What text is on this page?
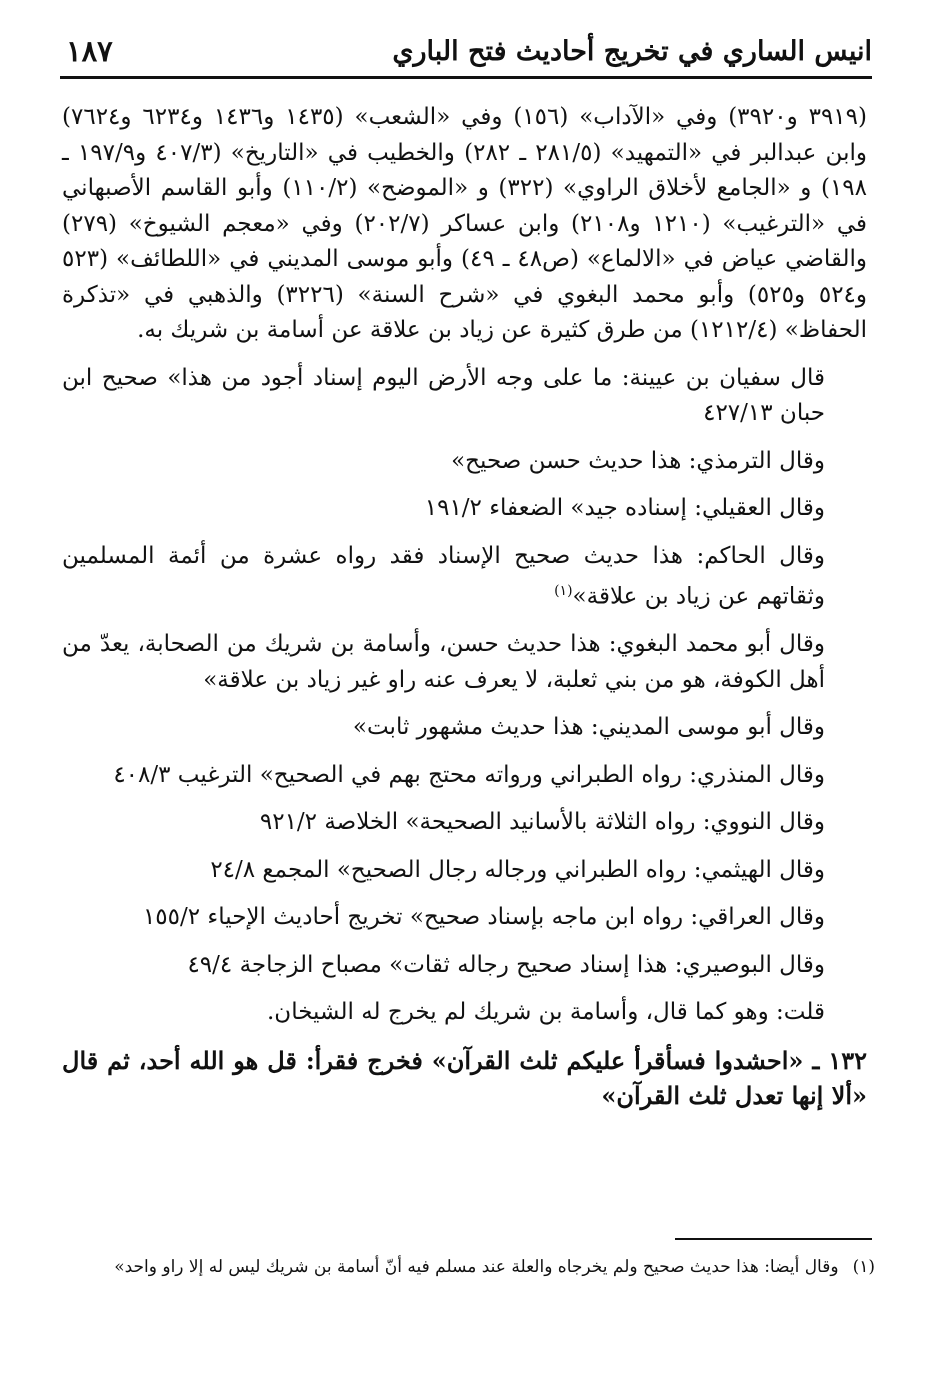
انيس الساري في تخريج أحاديث فتح الباري
١٨٧

(٣٩١٩ و٣٩٢٠) وفي «الآداب» (١٥٦) وفي «الشعب» (١٤٣٥ و١٤٣٦ و٦٢٣٤ و٧٦٢٤) وابن عبدالبر في «التمهيد» (٢٨١/٥ ـ ٢٨٢) والخطيب في «التاريخ» (٤٠٧/٣ و١٩٧/٩ ـ ١٩٨) و «الجامع لأخلاق الراوي» (٣٢٢) و «الموضح» (١١٠/٢) وأبو القاسم الأصبهاني في «الترغيب» (١٢١٠ و٢١٠٨) وابن عساكر (٢٠٢/٧) وفي «معجم الشيوخ» (٢٧٩) والقاضي عياض في «الالماع» (ص٤٨ ـ ٤٩) وأبو موسى المديني في «اللطائف» (٥٢٣ و٥٢٤ و٥٢٥) وأبو محمد البغوي في «شرح السنة» (٣٢٢٦) والذهبي في «تذكرة الحفاظ» (١٢١٢/٤) من طرق كثيرة عن زياد بن علاقة عن أسامة بن شريك به.

قال سفيان بن عيينة: ما على وجه الأرض اليوم إسناد أجود من هذا» صحيح ابن حبان ٤٢٧/١٣

وقال الترمذي: هذا حديث حسن صحيح»

وقال العقيلي: إسناده جيد» الضعفاء ١٩١/٢

وقال الحاكم: هذا حديث صحيح الإسناد فقد رواه عشرة من أئمة المسلمين وثقاتهم عن زياد بن علاقة»$^{(١)}$

وقال أبو محمد البغوي: هذا حديث حسن، وأسامة بن شريك من الصحابة، يعدّ من أهل الكوفة، هو من بني ثعلبة، لا يعرف عنه راو غير زياد بن علاقة»

وقال أبو موسى المديني: هذا حديث مشهور ثابت»

وقال المنذري: رواه الطبراني ورواته محتج بهم في الصحيح» الترغيب ٤٠٨/٣

وقال النووي: رواه الثلاثة بالأسانيد الصحيحة» الخلاصة ٩٢١/٢

وقال الهيثمي: رواه الطبراني ورجاله رجال الصحيح» المجمع ٢٤/٨

وقال العراقي: رواه ابن ماجه بإسناد صحيح» تخريج أحاديث الإحياء ١٥٥/٢

وقال البوصيري: هذا إسناد صحيح رجاله ثقات» مصباح الزجاجة ٤٩/٤

قلت: وهو كما قال، وأسامة بن شريك لم يخرج له الشيخان.

١٣٢ ـ «احشدوا فسأقرأ عليكم ثلث القرآن» فخرج فقرأ: قل هو الله أحد، ثم قال «ألا إنها تعدل ثلث القرآن»

(١)وقال أيضا: هذا حديث صحيح ولم يخرجاه والعلة عند مسلم فيه أنّ أسامة بن شريك ليس له إلا راو واحد»
